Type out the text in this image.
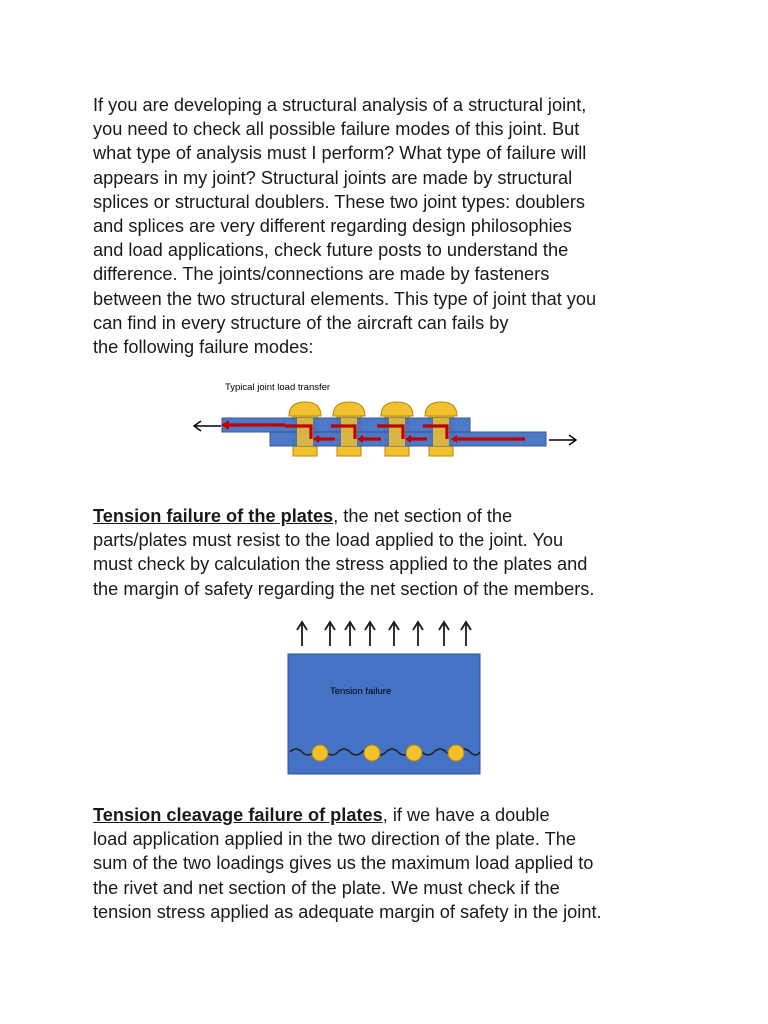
If you are developing a structural analysis of a structural joint,
you need to check all possible failure modes of this joint. But
what type of analysis must I perform? What type of failure will
appears in my joint? Structural joints are made by structural
splices or structural doublers. These two joint types: doublers
and splices are very different regarding design philosophies
and load applications, check future posts to understand the
difference. The joints/connections are made by fasteners
between the two structural elements. This type of joint that you
can find in every structure of the aircraft can fails by
the following failure modes:

Typical joint load transfer

Tension failure of the plates, the net section of the
parts/plates must resist to the load applied to the joint. You
must check by calculation the stress applied to the plates and
the margin of safety regarding the net section of the members.

Tension failure

Tension cleavage failure of plates, if we have a double
load application applied in the two direction of the plate. The
sum of the two loadings gives us the maximum load applied to
the rivet and net section of the plate. We must check if the
tension stress applied as adequate margin of safety in the joint.
